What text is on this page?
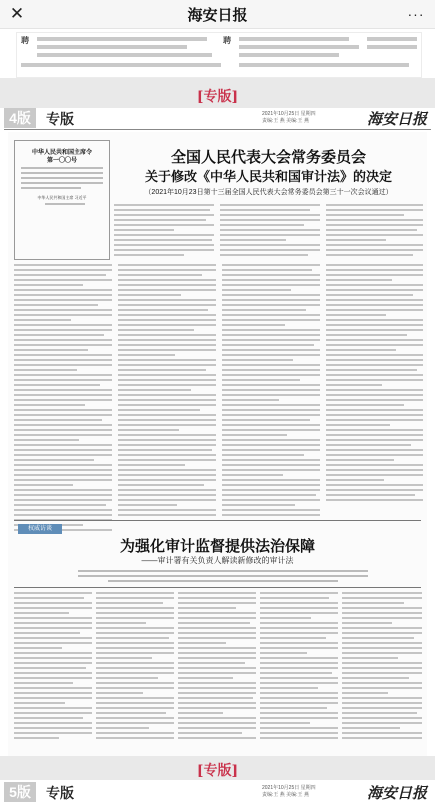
✕	海安日报	···
聘	聘
[专版]
4版	专版	2021年10月25日 星期四
责编:王 燕 美编:王 燕	海安日报
中华人民共和国主席令
第一〇〇号
中华人民共和国主席 习近平
全国人民代表大会常务委员会
关于修改《中华人民共和国审计法》的决定
（2021年10月23日第十三届全国人民代表大会常务委员会第三十一次会议通过）
权威访谈
为强化审计监督提供法治保障
——审计署有关负责人解读新修改的审计法
[专版]
5版	专版	2021年10月25日 星期四
责编:王 燕 美编:王 燕	海安日报
